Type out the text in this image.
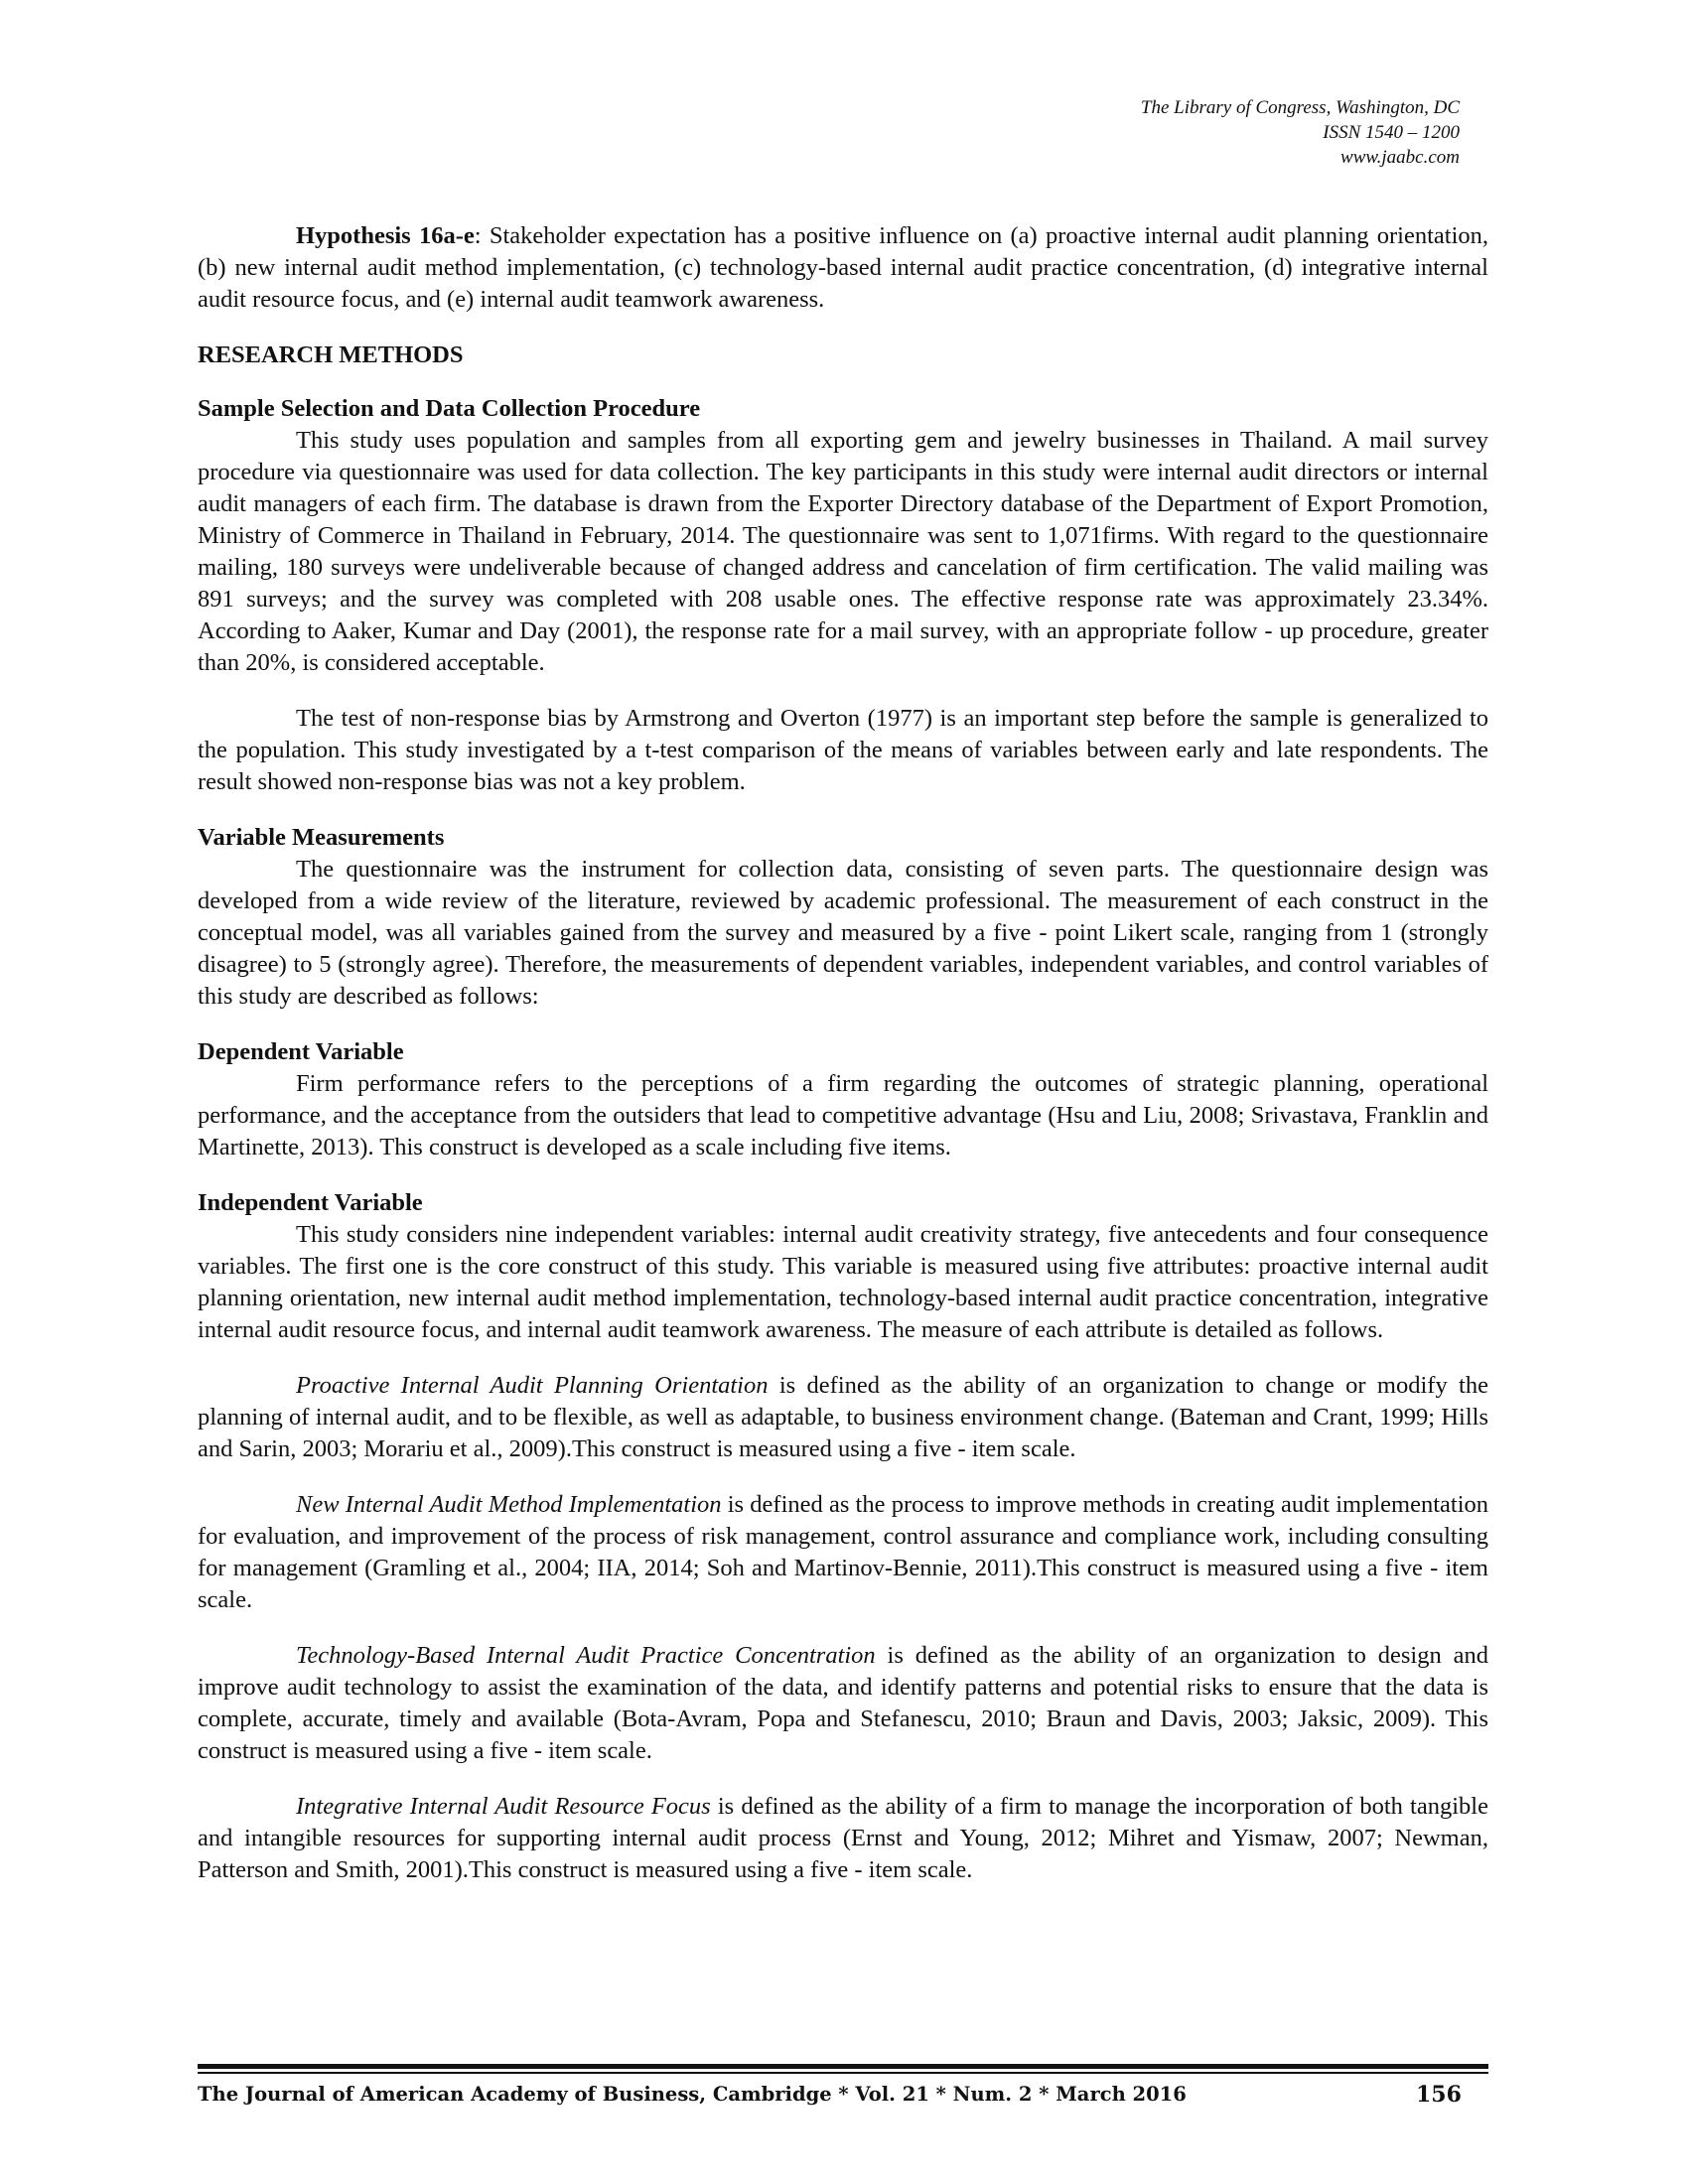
The Library of Congress, Washington, DC
ISSN 1540 – 1200
www.jaabc.com

Hypothesis 16a-e: Stakeholder expectation has a positive influence on (a) proactive internal audit planning orientation, (b) new internal audit method implementation, (c) technology-based internal audit practice concentration, (d) integrative internal audit resource focus, and (e) internal audit teamwork awareness.

RESEARCH METHODS

Sample Selection and Data Collection Procedure

This study uses population and samples from all exporting gem and jewelry businesses in Thailand. A mail survey procedure via questionnaire was used for data collection. The key participants in this study were internal audit directors or internal audit managers of each firm. The database is drawn from the Exporter Directory database of the Department of Export Promotion, Ministry of Commerce in Thailand in February, 2014. The questionnaire was sent to 1,071firms. With regard to the questionnaire mailing, 180 surveys were undeliverable because of changed address and cancelation of firm certification. The valid mailing was 891 surveys; and the survey was completed with 208 usable ones. The effective response rate was approximately 23.34%. According to Aaker, Kumar and Day (2001), the response rate for a mail survey, with an appropriate follow - up procedure, greater than 20%, is considered acceptable.

The test of non-response bias by Armstrong and Overton (1977) is an important step before the sample is generalized to the population. This study investigated by a t-test comparison of the means of variables between early and late respondents. The result showed non-response bias was not a key problem.

Variable Measurements

The questionnaire was the instrument for collection data, consisting of seven parts. The questionnaire design was developed from a wide review of the literature, reviewed by academic professional. The measurement of each construct in the conceptual model, was all variables gained from the survey and measured by a five - point Likert scale, ranging from 1 (strongly disagree) to 5 (strongly agree). Therefore, the measurements of dependent variables, independent variables, and control variables of this study are described as follows:

Dependent Variable

Firm performance refers to the perceptions of a firm regarding the outcomes of strategic planning, operational performance, and the acceptance from the outsiders that lead to competitive advantage (Hsu and Liu, 2008; Srivastava, Franklin and Martinette, 2013). This construct is developed as a scale including five items.

Independent Variable

This study considers nine independent variables: internal audit creativity strategy, five antecedents and four consequence variables. The first one is the core construct of this study. This variable is measured using five attributes: proactive internal audit planning orientation, new internal audit method implementation, technology-based internal audit practice concentration, integrative internal audit resource focus, and internal audit teamwork awareness. The measure of each attribute is detailed as follows.

Proactive Internal Audit Planning Orientation is defined as the ability of an organization to change or modify the planning of internal audit, and to be flexible, as well as adaptable, to business environment change. (Bateman and Crant, 1999; Hills and Sarin, 2003; Morariu et al., 2009).This construct is measured using a five - item scale.

New Internal Audit Method Implementation is defined as the process to improve methods in creating audit implementation for evaluation, and improvement of the process of risk management, control assurance and compliance work, including consulting for management (Gramling et al., 2004; IIA, 2014; Soh and Martinov-Bennie, 2011).This construct is measured using a five - item scale.

Technology-Based Internal Audit Practice Concentration is defined as the ability of an organization to design and improve audit technology to assist the examination of the data, and identify patterns and potential risks to ensure that the data is complete, accurate, timely and available (Bota-Avram, Popa and Stefanescu, 2010; Braun and Davis, 2003; Jaksic, 2009). This construct is measured using a five - item scale.

Integrative Internal Audit Resource Focus is defined as the ability of a firm to manage the incorporation of both tangible and intangible resources for supporting internal audit process (Ernst and Young, 2012; Mihret and Yismaw, 2007; Newman, Patterson and Smith, 2001).This construct is measured using a five - item scale.

The Journal of American Academy of Business, Cambridge * Vol. 21 * Num. 2 * March 2016	156
